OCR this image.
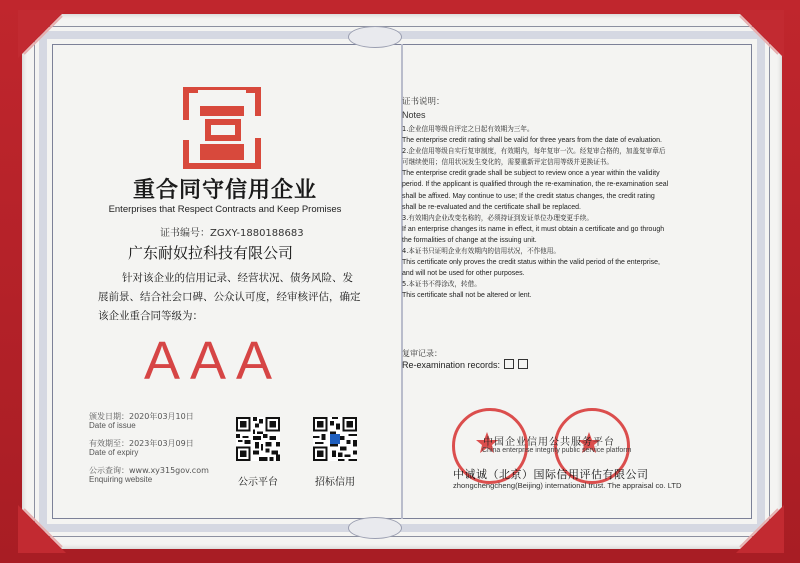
重合同守信用企业
Enterprises that Respect Contracts and Keep Promises
证书编号：ZGXY-1880188683
广东耐奴拉科技有限公司
针对该企业的信用记录、经营状况、债务风险、发展前景、结合社会口碑、公众认可度，经审核评估，确定该企业重合同等级为：
AAA
颁发日期：2020年03月10日
Date of issue
有效期至：2023年03月09日
Date of expiry
公示查询：www.xy315gov.com
Enquiring website	公示平台	招标信用
证书说明：
Notes

1.企业信用等级自评定之日起有效期为三年。

The enterprise credit rating shall be valid for three years from the date of evaluation.

2.企业信用等级自实行复审制度，有效期内，每年复审一次。经复审合格的，加盖复审章后可继续使用；信用状况发生变化的，需要重新评定信用等级并更换证书。

The enterprise credit grade shall be subject to review once a year within the validity period. If the applicant is qualified through the re-examination, the re-examination seal shall be affixed. May continue to use; If the credit status changes, the credit rating shall be re-evaluated and the certificate shall be replaced.

3.有效期内企业改变名称的，必须持证到发证单位办理变更手续。

If an enterprise changes its name in effect, it must obtain a certificate and go through the formalities of change at the issuing unit.

4.本证书只证明企业有效期内的信用状况，不作他用。

This certificate only proves the credit status within the valid period of the enterprise, and will not be used for other purposes.

5.本证书不得涂改，转借。

This certificate shall not be altered or lent.

复审记录：
Re-examination records:
中国企业信用公共服务平台
China enterprise integrity public service platform
中诚诚（北京）国际信用评估有限公司
zhongchengcheng(Beijing) international trust. The appraisal co. LTD
